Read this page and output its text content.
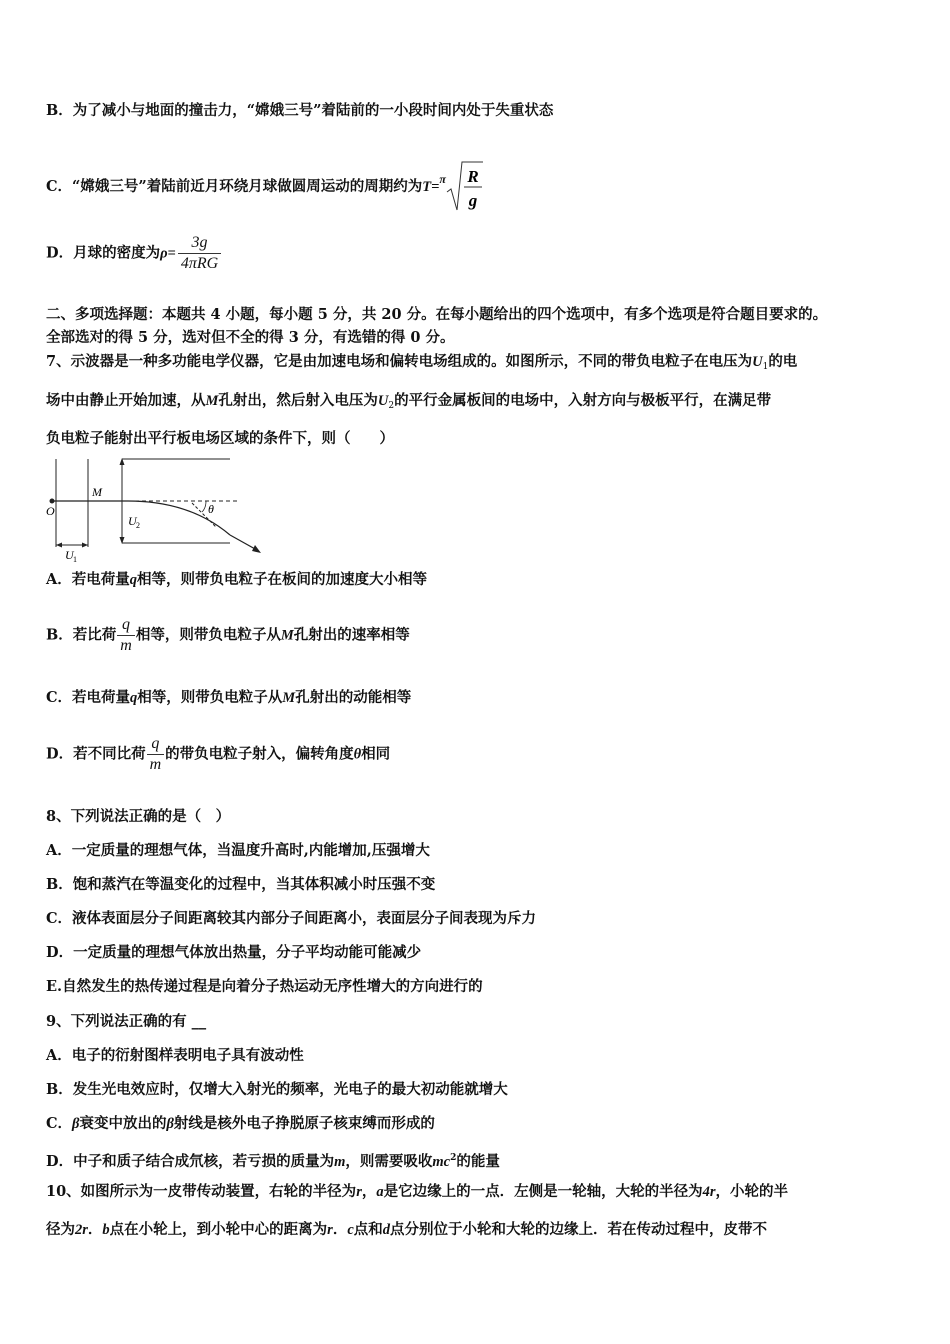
B．为了减小与地面的撞击力，“嫦娥三号”着陆前的一小段时间内处于失重状态
C．“嫦娥三号”着陆前近月环绕月球做圆周运动的周期约为T=$^\pi$ R
g
D．月球的密度为$\rho= \frac{3g}{\text{4πRG}}$
二、多项选择题：本题共 4 小题，每小题 5 分，共 20 分。在每小题给出的四个选项中，有多个选项是符合题目要求的。
全部选对的得 5 分，选对但不全的得 3 分，有选错的得 0 分。
7、示波器是一种多功能电学仪器，它是由加速电场和偏转电场组成的。如图所示，不同的带负电粒子在电压为$U_1$的电
场中由静止开始加速，从M孔射出，然后射入电压为$U_2$的平行金属板间的电场中，入射方向与极板平行，在满足带
负电粒子能射出平行板电场区域的条件下，则（　　）
O
M
U 2
U 1
θ
A．若电荷量q相等，则带负电粒子在板间的加速度大小相等
B．若比荷 $\frac{q}{m}$ 相等，则带负电粒子从M孔射出的速率相等
C．若电荷量q相等，则带负电粒子从M孔射出的动能相等
D．若不同比荷 $\frac{q}{m}$ 的带负电粒子射入，偏转角度θ相同
8、下列说法正确的是（　）
A．一定质量的理想气体，当温度升高时,内能增加,压强增大
B．饱和蒸汽在等温变化的过程中，当其体积减小时压强不变
C．液体表面层分子间距离较其内部分子间距离小，表面层分子间表现为斥力
D．一定质量的理想气体放出热量，分子平均动能可能减少
E.自然发生的热传递过程是向着分子热运动无序性增大的方向进行的
9、下列说法正确的有 __
A．电子的衍射图样表明电子具有波动性
B．发生光电效应时，仅增大入射光的频率，光电子的最大初动能就增大
C．β衰变中放出的β射线是核外电子挣脱原子核束缚而形成的
D．中子和质子结合成氘核，若亏损的质量为m，则需要吸收$mc^2$的能量
10、如图所示为一皮带传动装置，右轮的半径为r，a是它边缘上的一点．左侧是一轮轴，大轮的半径为4r，小轮的半
径为2r．b点在小轮上，到小轮中心的距离为r．c点和d点分别位于小轮和大轮的边缘上．若在传动过程中，皮带不
